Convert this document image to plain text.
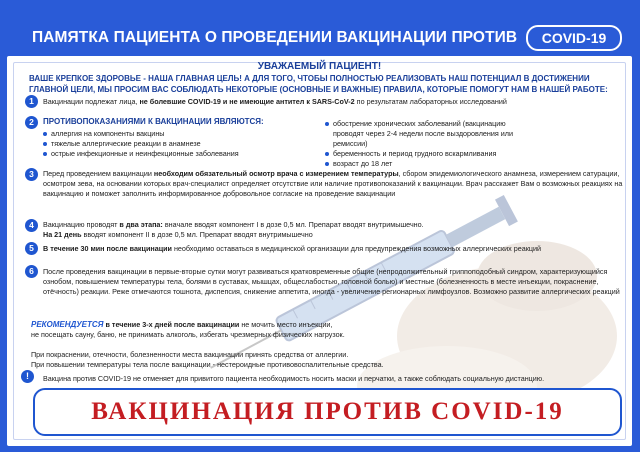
ПАМЯТКА ПАЦИЕНТА О ПРОВЕДЕНИИ ВАКЦИНАЦИИ ПРОТИВ	COVID-19
УВАЖАЕМЫЙ ПАЦИЕНТ!
ВАШЕ КРЕПКОЕ ЗДОРОВЬЕ - НАША ГЛАВНАЯ ЦЕЛЬ! А ДЛЯ ТОГО, ЧТОБЫ ПОЛНОСТЬЮ РЕАЛИЗОВАТЬ НАШ ПОТЕНЦИАЛ В ДОСТИЖЕНИИ ГЛАВНОЙ ЦЕЛИ, МЫ ПРОСИМ ВАС СОБЛЮДАТЬ НЕКОТОРЫЕ (ОСНОВНЫЕ И ВАЖНЫЕ) ПРАВИЛА, КОТОРЫЕ ПОМОГУТ НАМ В НАШЕЙ РАБОТЕ:
1	Вакцинации подлежат лица, не болевшие COVID-19 и не имеющие антител к SARS-CoV-2 по результатам лабораторных исследований
2	ПРОТИВОПОКАЗАНИЯМИ К ВАКЦИНАЦИИ ЯВЛЯЮТСЯ:
аллергия на компоненты вакцины
тяжелые аллергические реакции в анамнезе
острые инфекционные и неинфекционные заболевания
обострение хронических заболеваний (вакцинацию проводят через 2-4 недели после выздоровления или ремиссии)
беременность и период грудного вскармливания
возраст до 18 лет
3	Перед проведением вакцинации необходим обязательный осмотр врача с измерением температуры, сбором эпидемиологического анамнеза, измерением сатурации, осмотром зева, на основании которых врач-специалист определяет отсутствие или наличие противопоказаний к вакцинации. Врач расскажет Вам о возможных реакциях на вакцинацию и поможет заполнить информированное добровольное согласие на проведение вакцинации
4	Вакцинацию проводят в два этапа: вначале вводят компонент I в дозе 0,5 мл. Препарат вводят внутримышечно.
На 21 день вводят компонент II в дозе 0,5 мл. Препарат вводят внутримышечно
5	В течение 30 мин после вакцинации необходимо оставаться в медицинской организации для предупреждения возможных аллергических реакций
6	После проведения вакцинации в первые-вторые сутки могут развиваться кратковременные общие (непродолжительный гриппоподобный синдром, характеризующийся ознобом, повышением температуры тела, болями в суставах, мышцах, общеслабостью, головной болью) и местные (болезненность в месте инъекции, покраснение, отёчность) реакции. Реже отмечаются тошнота, диспепсия, снижение аппетита, иногда - увеличение регионарных лимфоузлов. Возможно развитие аллергических реакций
РЕКОМЕНДУЕТСЯ в течение 3-х дней после вакцинации не мочить место инъекции,
не посещать сауну, баню, не принимать алкоголь, избегать чрезмерных физических нагрузок.

При покраснении, отечности, болезненности места вакцинации принять средства от аллергии.
При повышении температуры тела после вакцинации - нестероидные противовоспалительные средства.
!	Вакцина против COVID-19 не отменяет для привитого пациента необходимость носить маски и перчатки, а также соблюдать социальную дистанцию.
ВАКЦИНАЦИЯ ПРОТИВ COVID-19
